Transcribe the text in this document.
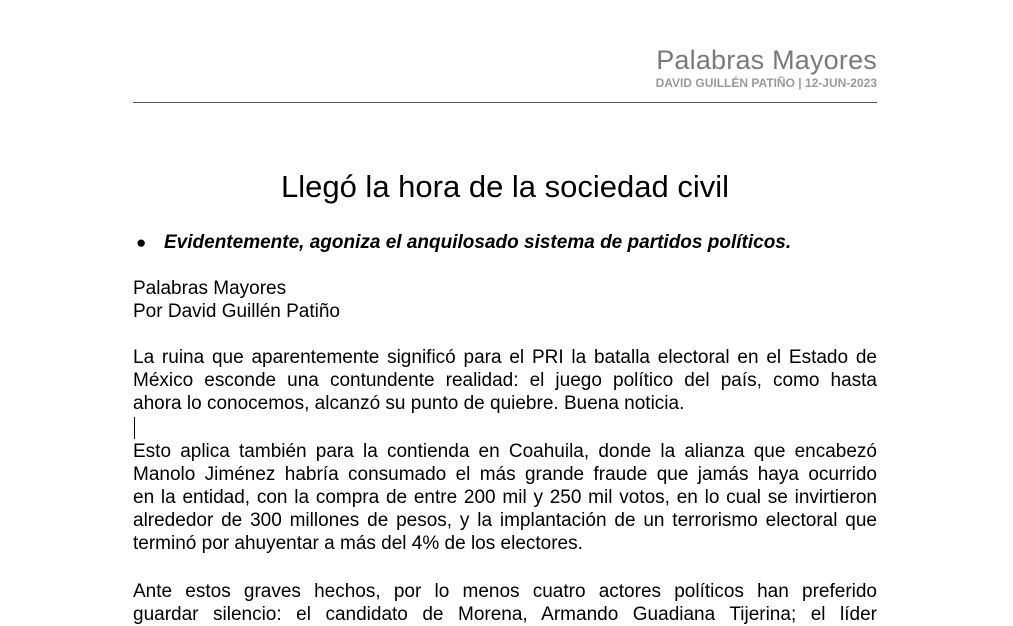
Palabras Mayores
DAVID GUILLÉN PATIÑO | 12-JUN-2023
Llegó la hora de la sociedad civil
● Evidentemente, agoniza el anquilosado sistema de partidos políticos.
Palabras Mayores
Por David Guillén Patiño
La ruina que aparentemente significó para el PRI la batalla electoral en el Estado de
México esconde una contundente realidad: el juego político del país, como hasta
ahora lo conocemos, alcanzó su punto de quiebre. Buena noticia.
Esto aplica también para la contienda en Coahuila, donde la alianza que encabezó
Manolo Jiménez habría consumado el más grande fraude que jamás haya ocurrido
en la entidad, con la compra de entre 200 mil y 250 mil votos, en lo cual se invirtieron
alrededor de 300 millones de pesos, y la implantación de un terrorismo electoral que
terminó por ahuyentar a más del 4% de los electores.
Ante estos graves hechos, por lo menos cuatro actores políticos han preferido
guardar silencio: el candidato de Morena, Armando Guadiana Tijerina; el líder
